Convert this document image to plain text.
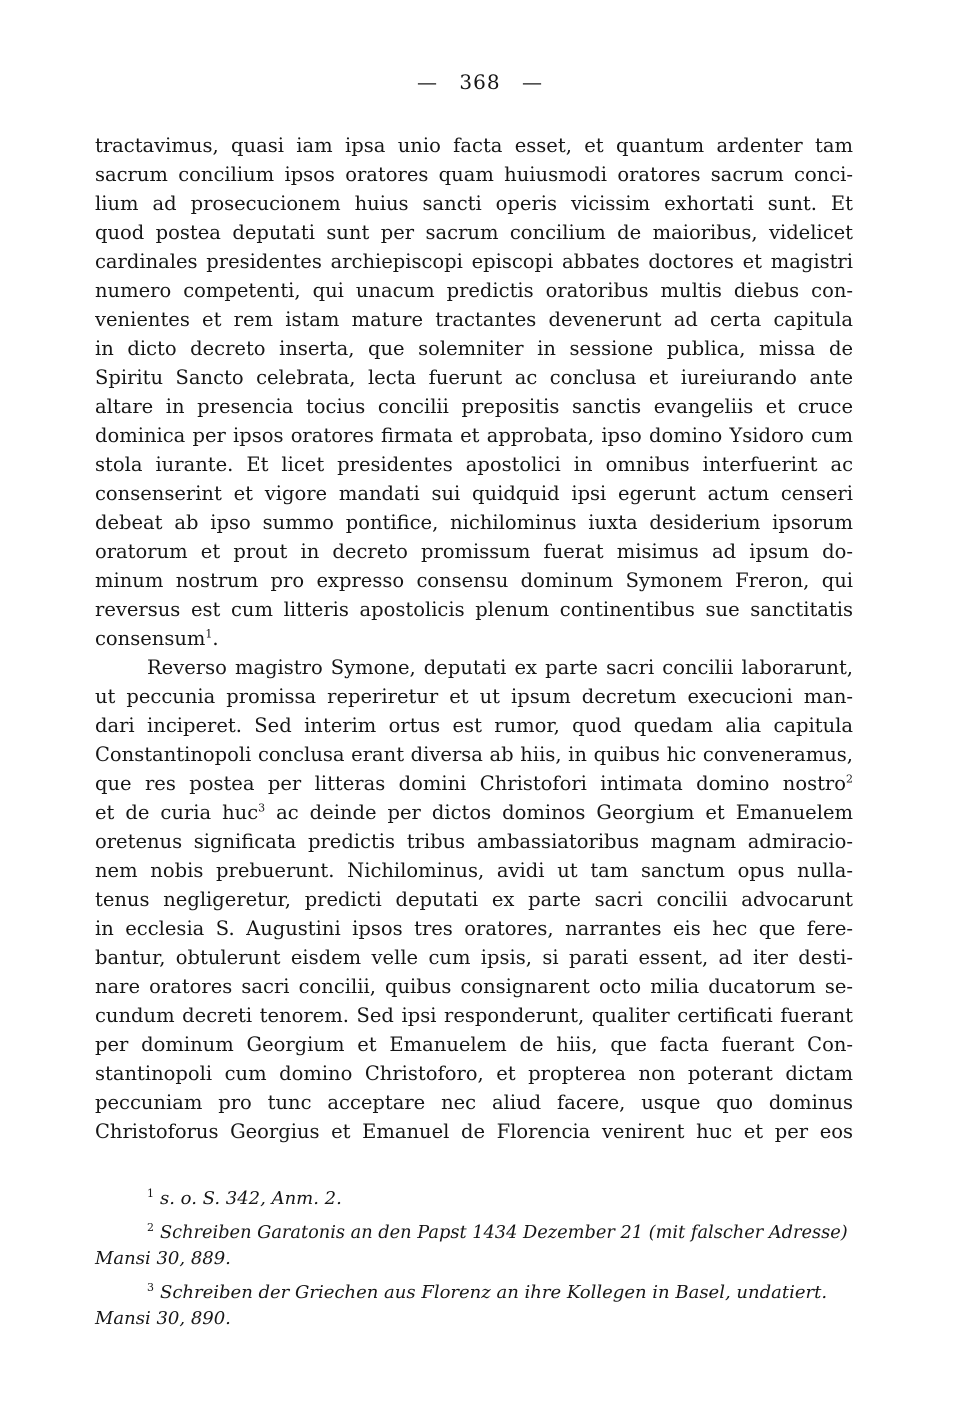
— 368 —
tractavimus, quasi iam ipsa unio facta esset, et quantum ardenter tam
sacrum concilium ipsos oratores quam huiusmodi oratores sacrum conci-
lium ad prosecucionem huius sancti operis vicissim exhortati sunt. Et
quod postea deputati sunt per sacrum concilium de maioribus, videlicet
cardinales presidentes archiepiscopi episcopi abbates doctores et magistri
numero competenti, qui unacum predictis oratoribus multis diebus con-
venientes et rem istam mature tractantes devenerunt ad certa capitula
in dicto decreto inserta, que solemniter in sessione publica, missa de
Spiritu Sancto celebrata, lecta fuerunt ac conclusa et iureiurando ante
altare in presencia tocius concilii prepositis sanctis evangeliis et cruce
dominica per ipsos oratores firmata et approbata, ipso domino Ysidoro cum
stola iurante. Et licet presidentes apostolici in omnibus interfuerint ac
consenserint et vigore mandati sui quidquid ipsi egerunt actum censeri
debeat ab ipso summo pontifice, nichilominus iuxta desiderium ipsorum
oratorum et prout in decreto promissum fuerat misimus ad ipsum do-
minum nostrum pro expresso consensu dominum Symonem Freron, qui
reversus est cum litteris apostolicis plenum continentibus sue sanctitatis
consensum$^1$.
Reverso magistro Symone, deputati ex parte sacri concilii laborarunt,
ut peccunia promissa reperiretur et ut ipsum decretum execucioni man-
dari inciperet. Sed interim ortus est rumor, quod quedam alia capitula
Constantinopoli conclusa erant diversa ab hiis, in quibus hic conveneramus,
que res postea per litteras domini Christofori intimata domino nostro$^2$
et de curia huc$^3$ ac deinde per dictos dominos Georgium et Emanuelem
oretenus significata predictis tribus ambassiatoribus magnam admiracio-
nem nobis prebuerunt. Nichilominus, avidi ut tam sanctum opus nulla-
tenus negligeretur, predicti deputati ex parte sacri concilii advocarunt
in ecclesia S. Augustini ipsos tres oratores, narrantes eis hec que fere-
bantur, obtulerunt eisdem velle cum ipsis, si parati essent, ad iter desti-
nare oratores sacri concilii, quibus consignarent octo milia ducatorum se-
cundum decreti tenorem. Sed ipsi responderunt, qualiter certificati fuerant
per dominum Georgium et Emanuelem de hiis, que facta fuerant Con-
stantinopoli cum domino Christoforo, et propterea non poterant dictam
peccuniam pro tunc acceptare nec aliud facere, usque quo dominus
Christoforus Georgius et Emanuel de Florencia venirent huc et per eos
$^1$ s. o. S. 342, Anm. 2.
$^2$ Schreiben Garatonis an den Papst 1434 Dezember 21 (mit falscher Adresse)
Mansi 30, 889.
$^3$ Schreiben der Griechen aus Florenz an ihre Kollegen in Basel, undatiert.
Mansi 30, 890.
